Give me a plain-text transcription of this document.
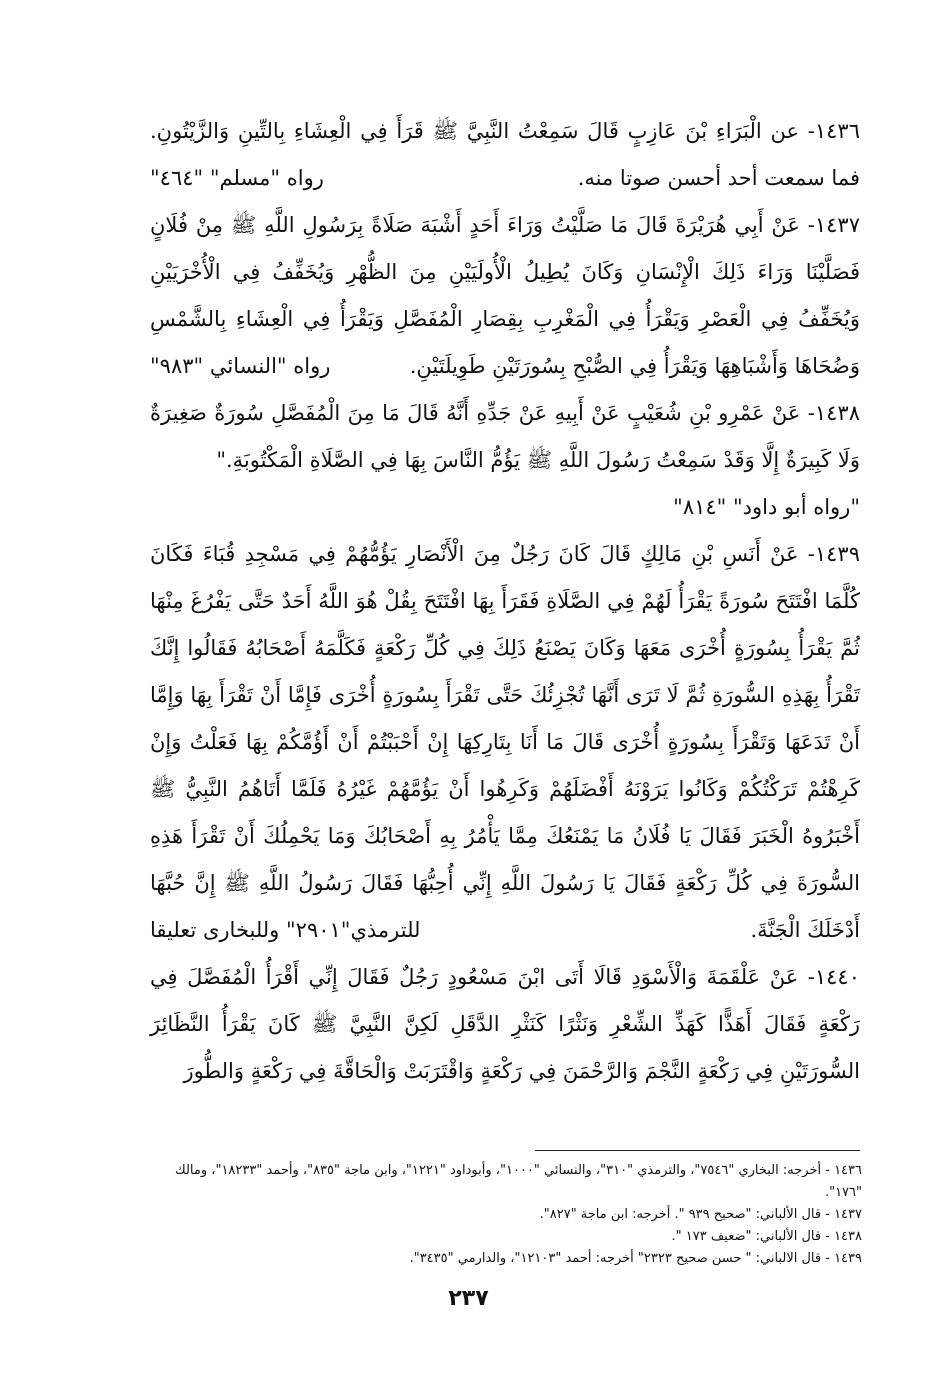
١٤٣٦- عن الْبَرَاءِ بْنَ عَازِبٍ قَالَ سَمِعْتُ النَّبِيَّ ﷺ قَرَأَ فِي الْعِشَاءِ بِالتِّينِ وَالزَّيْتُونِ. فما سمعت أحد أحسن صوتا منه.
رواه "مسلم" "٤٦٤"

١٤٣٧- عَنْ أَبِي هُرَيْرَةَ قَالَ مَا صَلَّيْتُ وَرَاءَ أَحَدٍ أَشْبَهَ صَلَاةً بِرَسُولِ اللَّهِ ﷺ مِنْ فُلَانٍ فَصَلَّيْنَا وَرَاءَ ذَلِكَ الْإِنْسَانِ وَكَانَ يُطِيلُ الْأُولَيَيْنِ مِنَ الظُّهْرِ وَيُخَفِّفُ فِي الْأُخْرَيَيْنِ وَيُخَفِّفُ فِي الْعَصْرِ وَيَقْرَأُ فِي الْمَغْرِبِ بِقِصَارِ الْمُفَصَّلِ وَيَقْرَأُ فِي الْعِشَاءِ بِالشَّمْسِ وَضُحَاهَا وَأَشْبَاهِهَا وَيَقْرَأُ فِي الصُّبْحِ بِسُورَتَيْنِ طَوِيلَتَيْنِ.
رواه "النسائي "٩٨٣"

١٤٣٨- عَنْ عَمْرِو بْنِ شُعَيْبٍ عَنْ أَبِيهِ عَنْ جَدِّهِ أَنَّهُ قَالَ مَا مِنَ الْمُفَصَّلِ سُورَةٌ صَغِيرَةٌ وَلَا كَبِيرَةٌ إِلَّا وَقَدْ سَمِعْتُ رَسُولَ اللَّهِ ﷺ يَؤُمُّ النَّاسَ بِهَا فِي الصَّلَاةِ الْمَكْتُوبَةِ."
"رواه أبو داود" "٨١٤"

١٤٣٩- عَنْ أَنَسِ بْنِ مَالِكٍ قَالَ كَانَ رَجُلٌ مِنَ الْأَنْصَارِ يَؤُمُّهُمْ فِي مَسْجِدِ قُبَاءَ فَكَانَ كُلَّمَا افْتَتَحَ سُورَةً يَقْرَأُ لَهُمْ فِي الصَّلَاةِ فَقَرَأَ بِهَا افْتَتَحَ بِقُلْ هُوَ اللَّهُ أَحَدٌ حَتَّى يَفْرُغَ مِنْهَا ثُمَّ يَقْرَأُ بِسُورَةٍ أُخْرَى مَعَهَا وَكَانَ يَصْنَعُ ذَلِكَ فِي كُلِّ رَكْعَةٍ فَكَلَّمَهُ أَصْحَابُهُ فَقَالُوا إِنَّكَ تَقْرَأُ بِهَذِهِ السُّورَةِ ثُمَّ لَا تَرَى أَنَّهَا تُجْزِئُكَ حَتَّى تَقْرَأَ بِسُورَةٍ أُخْرَى فَإِمَّا أَنْ تَقْرَأَ بِهَا وَإِمَّا أَنْ تَدَعَهَا وَتَقْرَأَ بِسُورَةٍ أُخْرَى قَالَ مَا أَنَا بِتَارِكِهَا إِنْ أَحْبَبْتُمْ أَنْ أَؤُمَّكُمْ بِهَا فَعَلْتُ وَإِنْ كَرِهْتُمْ تَرَكْتُكُمْ وَكَانُوا يَرَوْنَهُ أَفْضَلَهُمْ وَكَرِهُوا أَنْ يَؤُمَّهُمْ غَيْرُهُ فَلَمَّا أَتَاهُمُ النَّبِيُّ ﷺ أَخْبَرُوهُ الْخَبَرَ فَقَالَ يَا فُلَانُ مَا يَمْنَعُكَ مِمَّا يَأْمُرُ بِهِ أَصْحَابُكَ وَمَا يَحْمِلُكَ أَنْ تَقْرَأَ هَذِهِ السُّورَةَ فِي كُلِّ رَكْعَةٍ فَقَالَ يَا رَسُولَ اللَّهِ إِنِّي أُحِبُّهَا فَقَالَ رَسُولُ اللَّهِ ﷺ إِنَّ حُبَّهَا أَدْخَلَكَ الْجَنَّةَ.
للترمذي"٢٩٠١" وللبخارى تعليقا

١٤٤٠- عَنْ عَلْقَمَةَ وَالْأَسْوَدِ قَالَا أَتَى ابْنَ مَسْعُودٍ رَجُلٌ فَقَالَ إِنِّي أَقْرَأُ الْمُفَصَّلَ فِي رَكْعَةٍ فَقَالَ أَهَذًّا كَهَذِّ الشِّعْرِ وَنَثْرًا كَنَثْرِ الدَّقَلِ لَكِنَّ النَّبِيَّ ﷺ كَانَ يَقْرَأُ النَّظَائِرَ السُّورَتَيْنِ فِي رَكْعَةٍ النَّجْمَ وَالرَّحْمَنَ فِي رَكْعَةٍ وَاقْتَرَبَتْ وَالْحَاقَّةَ فِي رَكْعَةٍ وَالطُّورَ

١٤٣٦ - أخرجه: البخاري "٧٥٤٦"، والترمذي "٣١٠"، والنسائي "١٠٠٠"، وأبوداود "١٢٢١"، وابن ماجة "٨٣٥"، وأحمد "١٨٢٣٣"، ومالك "١٧٦".
١٤٣٧ - قال الألباني: "صحيح ٩٣٩ ". أخرجه: ابن ماجة "٨٢٧".
١٤٣٨ - قال الألباني: "ضعيف ١٧٣ ".
١٤٣٩ - قال الالباني: " حسن صحيح ٢٣٢٣" أخرجه: أحمد "١٢١٠٣"، والدارمي "٣٤٣٥".
٢٣٧
